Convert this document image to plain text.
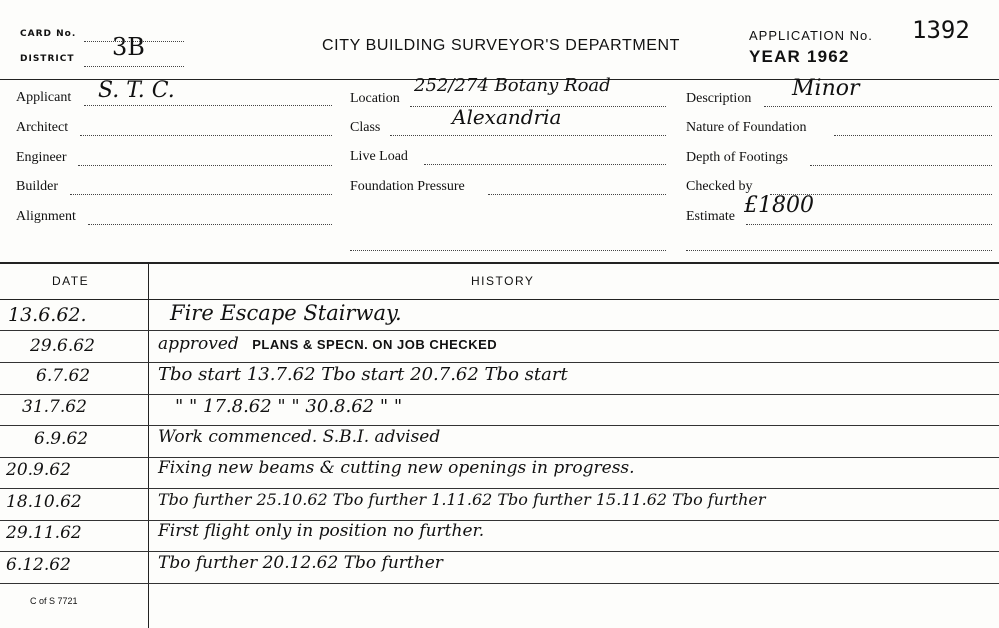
CARD No.
DISTRICT 3B	CITY BUILDING SURVEYOR'S DEPARTMENT
APPLICATION No.
YEAR 1962
1392
Applicant S. T. C.
Architect
Engineer
Builder
Alignment
Location
252/274 Botany Road
Class	Alexandria
Live Load
Foundation Pressure
Description Minor
Nature of Foundation
Depth of Footings
Checked by
Estimate £1800
DATE	HISTORY
13.6.62.	Fire Escape Stairway.
29.6.62	approved PLANS & SPECN. ON JOB CHECKED
6.7.62	Tbo start 13.7.62 Tbo start 20.7.62 Tbo start
31.7.62	" " 17.8.62 " " 30.8.62 " "
6.9.62	Work commenced. S.B.I. advised
20.9.62	Fixing new beams & cutting new openings in progress.
18.10.62	Tbo further 25.10.62 Tbo further 1.11.62 Tbo further 15.11.62 Tbo further
29.11.62	First flight only in position no further.
6.12.62	Tbo further 20.12.62 Tbo further
C of S 7721
